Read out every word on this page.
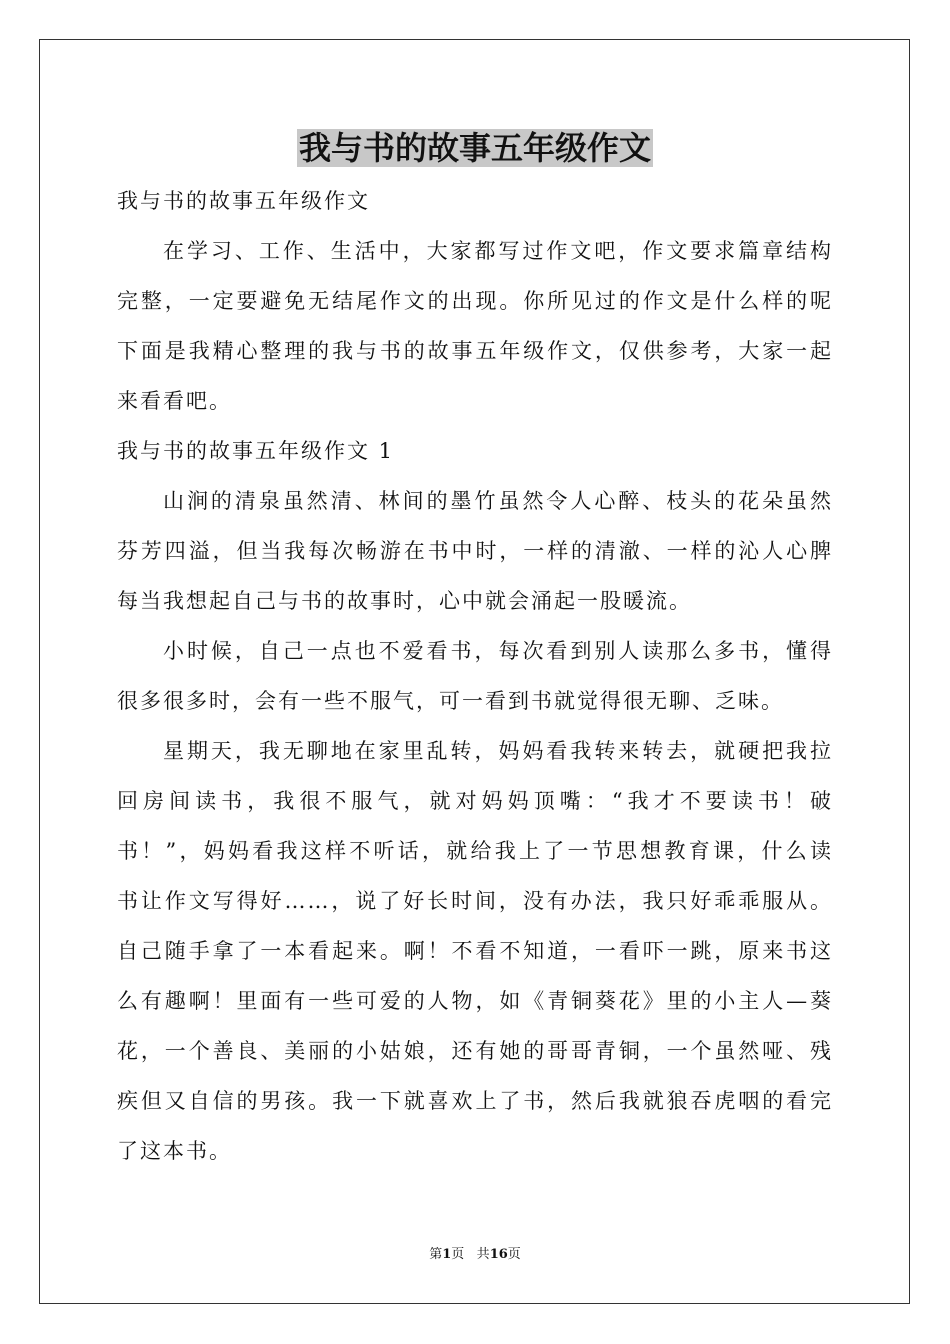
我与书的故事五年级作文

我与书的故事五年级作文

在学习、工作、生活中，大家都写过作文吧，作文要求篇章结构

完整，一定要避免无结尾作文的出现。你所见过的作文是什么样的呢

下面是我精心整理的我与书的故事五年级作文，仅供参考，大家一起

来看看吧。

我与书的故事五年级作文 1

山涧的清泉虽然清、林间的墨竹虽然令人心醉、枝头的花朵虽然

芬芳四溢，但当我每次畅游在书中时，一样的清澈、一样的沁人心脾

每当我想起自己与书的故事时，心中就会涌起一股暖流。

小时候，自己一点也不爱看书，每次看到别人读那么多书，懂得

很多很多时，会有一些不服气，可一看到书就觉得很无聊、乏味。

星期天，我无聊地在家里乱转，妈妈看我转来转去，就硬把我拉

回房间读书，我很不服气，就对妈妈顶嘴：“我才不要读书！破

书！”，妈妈看我这样不听话，就给我上了一节思想教育课，什么读

书让作文写得好……，说了好长时间，没有办法，我只好乖乖服从。

自己随手拿了一本看起来。啊！不看不知道，一看吓一跳，原来书这

么有趣啊！里面有一些可爱的人物，如《青铜葵花》里的小主人—葵

花，一个善良、美丽的小姑娘，还有她的哥哥青铜，一个虽然哑、残

疾但又自信的男孩。我一下就喜欢上了书，然后我就狼吞虎咽的看完

了这本书。

第1页 共16页
